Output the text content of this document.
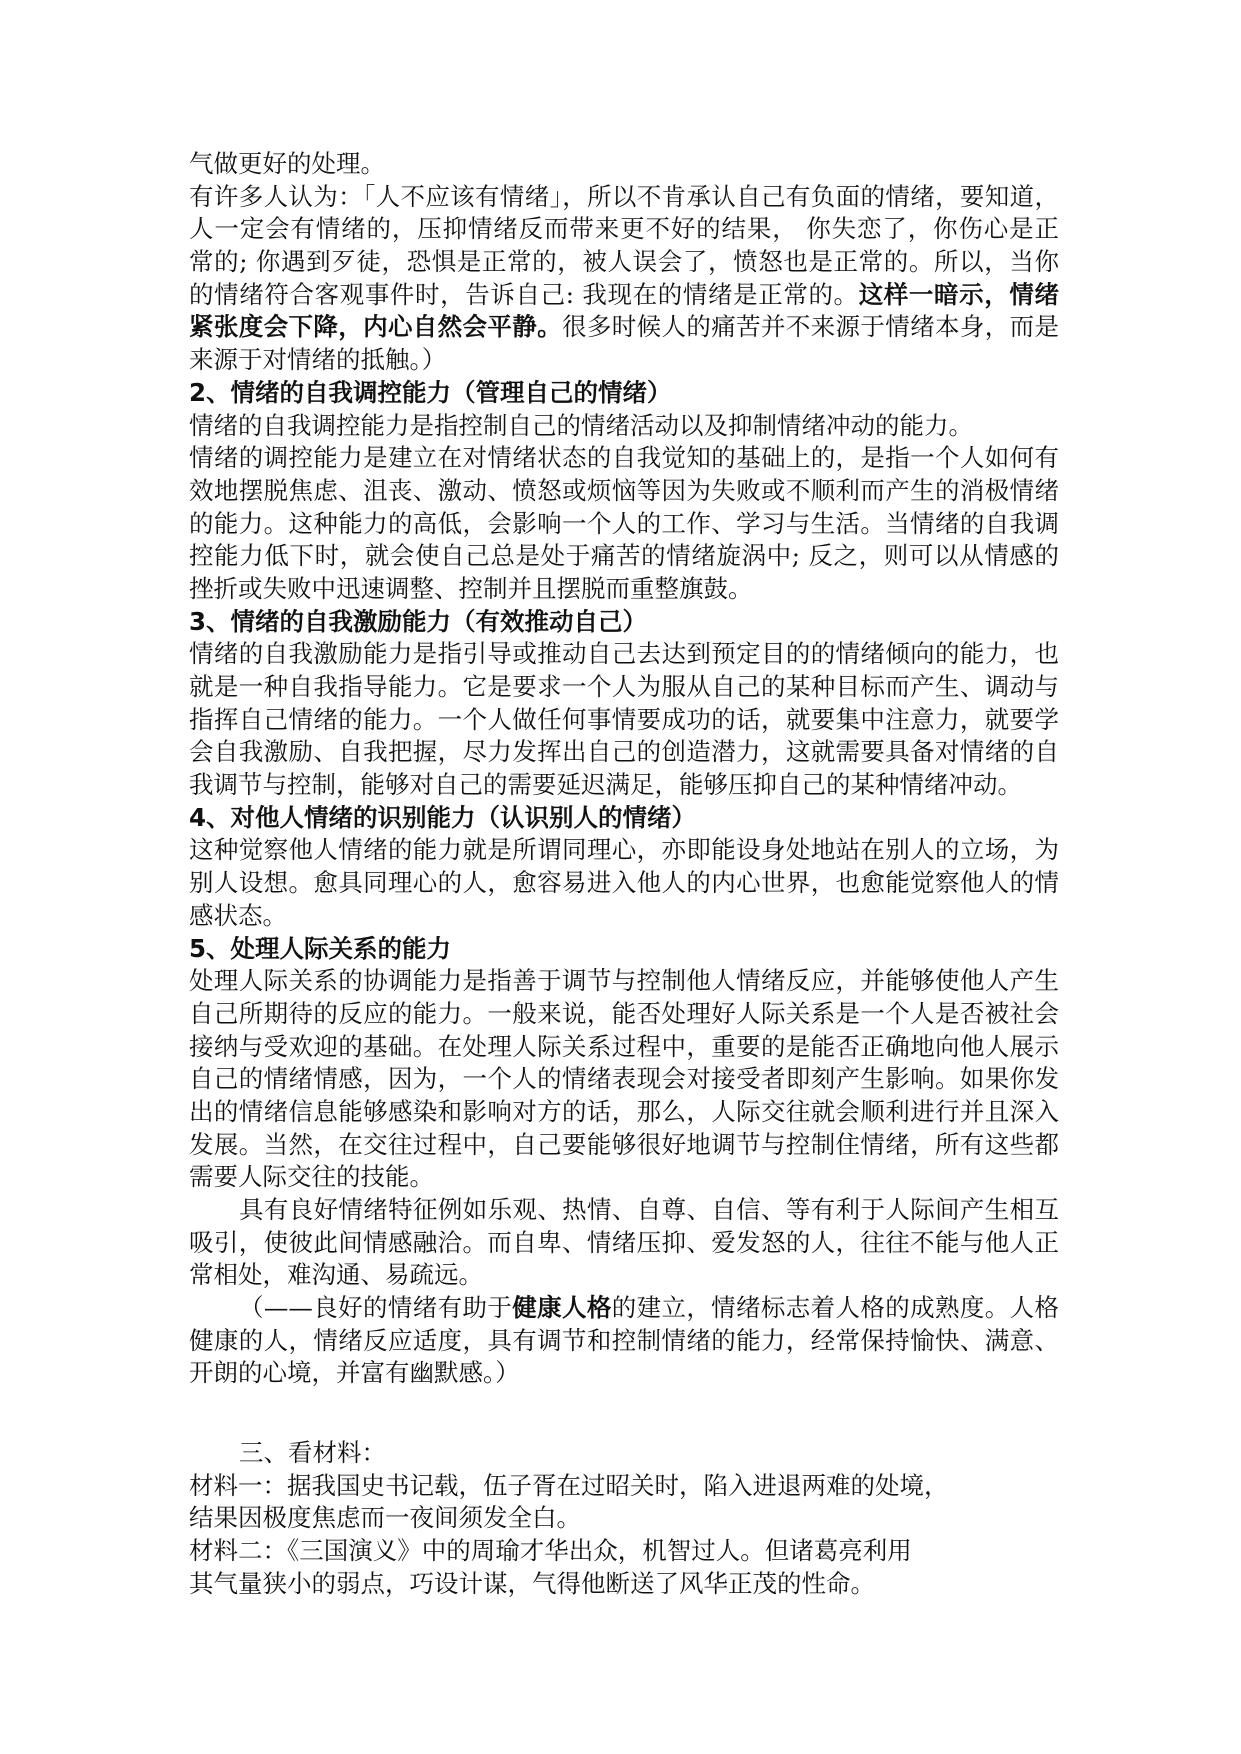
气做更好的处理。
有许多人认为：「人不应该有情绪」，所以不肯承认自己有负面的情绪，要知道，
人一定会有情绪的，压抑情绪反而带来更不好的结果， 你失恋了，你伤心是正
常的; 你遇到歹徒，恐惧是正常的，被人误会了，愤怒也是正常的。所以，当你
的情绪符合客观事件时，告诉自己: 我现在的情绪是正常的。这样一暗示，情绪
紧张度会下降，内心自然会平静。很多时候人的痛苦并不来源于情绪本身，而是
来源于对情绪的抵触。）
2、情绪的自我调控能力（管理自己的情绪）
情绪的自我调控能力是指控制自己的情绪活动以及抑制情绪冲动的能力。
情绪的调控能力是建立在对情绪状态的自我觉知的基础上的，是指一个人如何有
效地摆脱焦虑、沮丧、激动、愤怒或烦恼等因为失败或不顺利而产生的消极情绪
的能力。这种能力的高低，会影响一个人的工作、学习与生活。当情绪的自我调
控能力低下时，就会使自己总是处于痛苦的情绪旋涡中; 反之，则可以从情感的
挫折或失败中迅速调整、控制并且摆脱而重整旗鼓。
3、情绪的自我激励能力（有效推动自己）
情绪的自我激励能力是指引导或推动自己去达到预定目的的情绪倾向的能力，也
就是一种自我指导能力。它是要求一个人为服从自己的某种目标而产生、调动与
指挥自己情绪的能力。一个人做任何事情要成功的话，就要集中注意力，就要学
会自我激励、自我把握，尽力发挥出自己的创造潜力，这就需要具备对情绪的自
我调节与控制，能够对自己的需要延迟满足，能够压抑自己的某种情绪冲动。
4、对他人情绪的识别能力（认识别人的情绪）
这种觉察他人情绪的能力就是所谓同理心，亦即能设身处地站在别人的立场，为
别人设想。愈具同理心的人，愈容易进入他人的内心世界，也愈能觉察他人的情
感状态。
5、处理人际关系的能力
处理人际关系的协调能力是指善于调节与控制他人情绪反应，并能够使他人产生
自己所期待的反应的能力。一般来说，能否处理好人际关系是一个人是否被社会
接纳与受欢迎的基础。在处理人际关系过程中，重要的是能否正确地向他人展示
自己的情绪情感，因为，一个人的情绪表现会对接受者即刻产生影响。如果你发
出的情绪信息能够感染和影响对方的话，那么，人际交往就会顺利进行并且深入
发展。当然，在交往过程中，自己要能够很好地调节与控制住情绪，所有这些都
需要人际交往的技能。
具有良好情绪特征例如乐观、热情、自尊、自信、等有利于人际间产生相互
吸引，使彼此间情感融洽。而自卑、情绪压抑、爱发怒的人，往往不能与他人正
常相处，难沟通、易疏远。
（——良好的情绪有助于健康人格的建立，情绪标志着人格的成熟度。人格
健康的人，情绪反应适度，具有调节和控制情绪的能力，经常保持愉快、满意、
开朗的心境，并富有幽默感。）
三、看材料：
材料一：据我国史书记载，伍子胥在过昭关时，陷入进退两难的处境，
结果因极度焦虑而一夜间须发全白。
材料二：《三国演义》中的周瑜才华出众，机智过人。但诸葛亮利用
其气量狭小的弱点，巧设计谋，气得他断送了风华正茂的性命。
